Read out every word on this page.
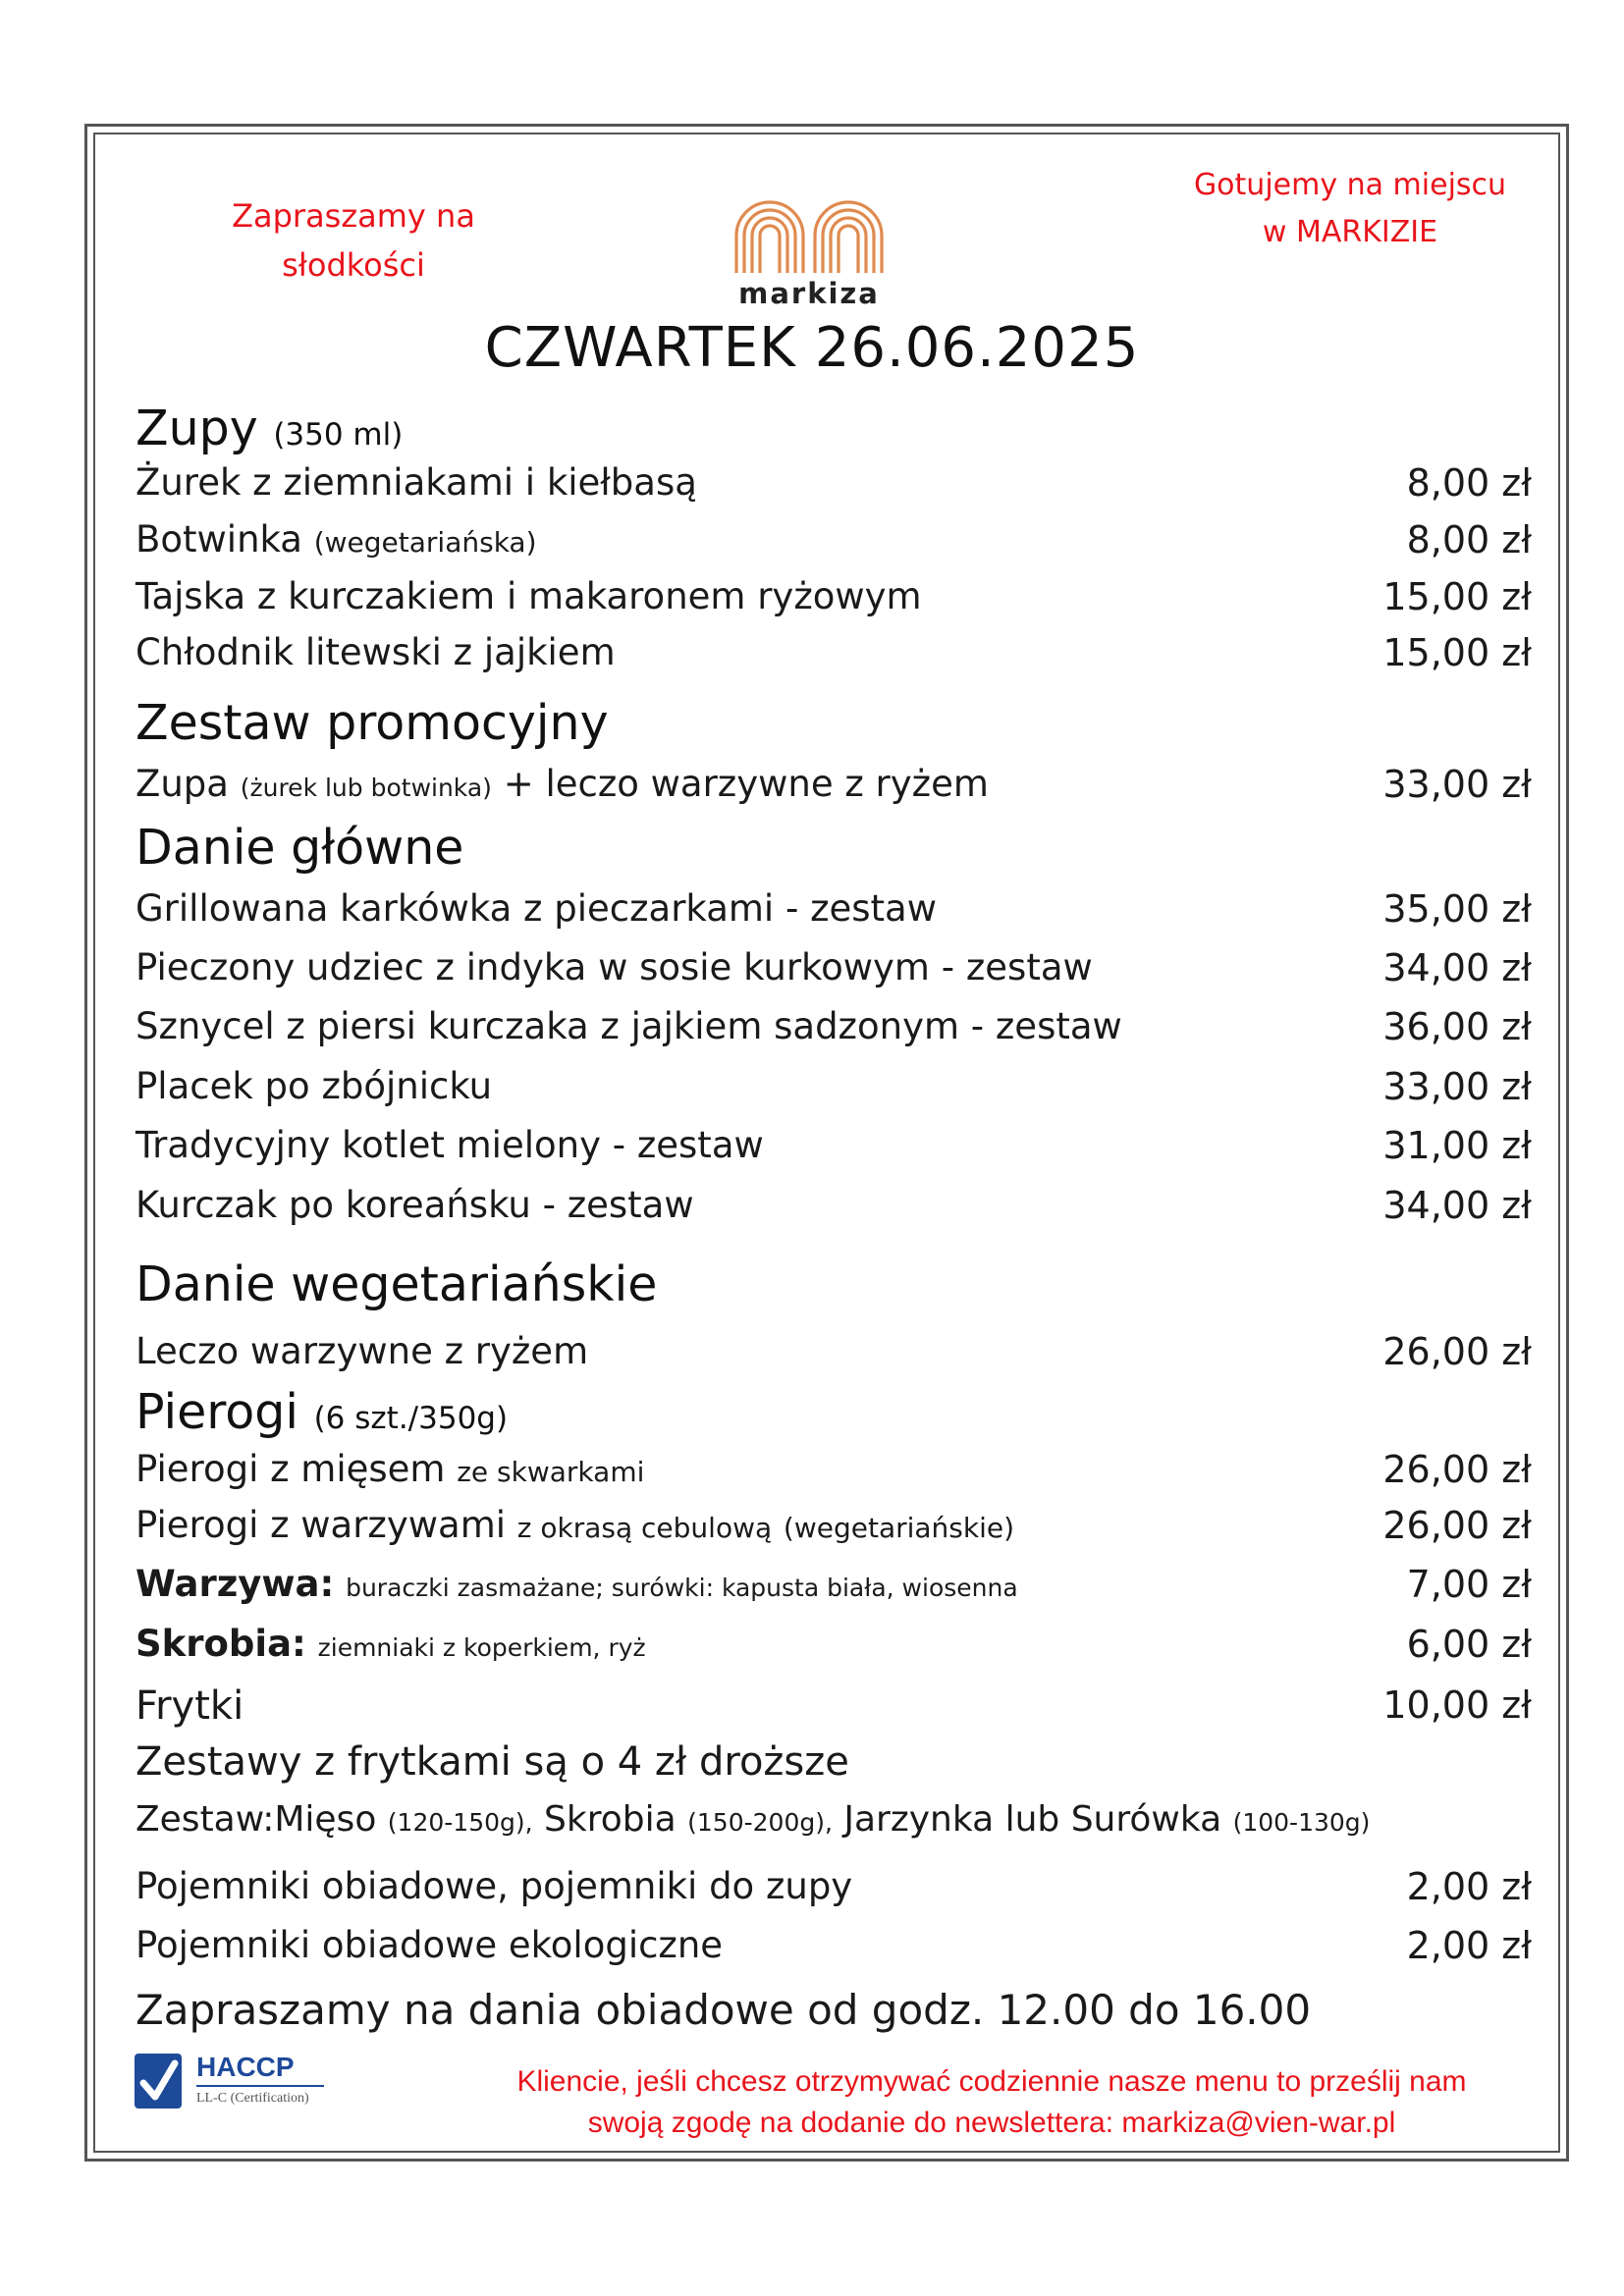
Zapraszamy na
słodkości
Gotujemy na miejscu
w MARKIZIE
markiza
CZWARTEK 26.06.2025
Zupy (350 ml)
Żurek z ziemniakami i kiełbasą	8,00 zł
Botwinka (wegetariańska)	8,00 zł
Tajska z kurczakiem i makaronem ryżowym	15,00 zł
Chłodnik litewski z jajkiem	15,00 zł
Zestaw promocyjny
Zupa (żurek lub botwinka) + leczo warzywne z ryżem	33,00 zł
Danie główne
Grillowana karkówka z pieczarkami - zestaw	35,00 zł
Pieczony udziec z indyka w sosie kurkowym - zestaw	34,00 zł
Sznycel z piersi kurczaka z jajkiem sadzonym - zestaw	36,00 zł
Placek po zbójnicku	33,00 zł
Tradycyjny kotlet mielony - zestaw	31,00 zł
Kurczak po koreańsku - zestaw	34,00 zł
Danie wegetariańskie
Leczo warzywne z ryżem	26,00 zł
Pierogi (6 szt./350g)
Pierogi z mięsem ze skwarkami	26,00 zł
Pierogi z warzywami z okrasą cebulową (wegetariańskie)	26,00 zł
Warzywa: buraczki zasmażane; surówki: kapusta biała, wiosenna	7,00 zł
Skrobia: ziemniaki z koperkiem, ryż	6,00 zł
Frytki	10,00 zł
Zestawy z frytkami są o 4 zł droższe
Zestaw:Mięso (120-150g), Skrobia (150-200g), Jarzynka lub Surówka (100-130g)
Pojemniki obiadowe, pojemniki do zupy	2,00 zł
Pojemniki obiadowe ekologiczne	2,00 zł
Zapraszamy na dania obiadowe od godz. 12.00 do 16.00
HACCP
LL-C (Certification)
Kliencie, jeśli chcesz otrzymywać codziennie nasze menu to prześlij nam
swoją zgodę na dodanie do newslettera: markiza@vien-war.pl
